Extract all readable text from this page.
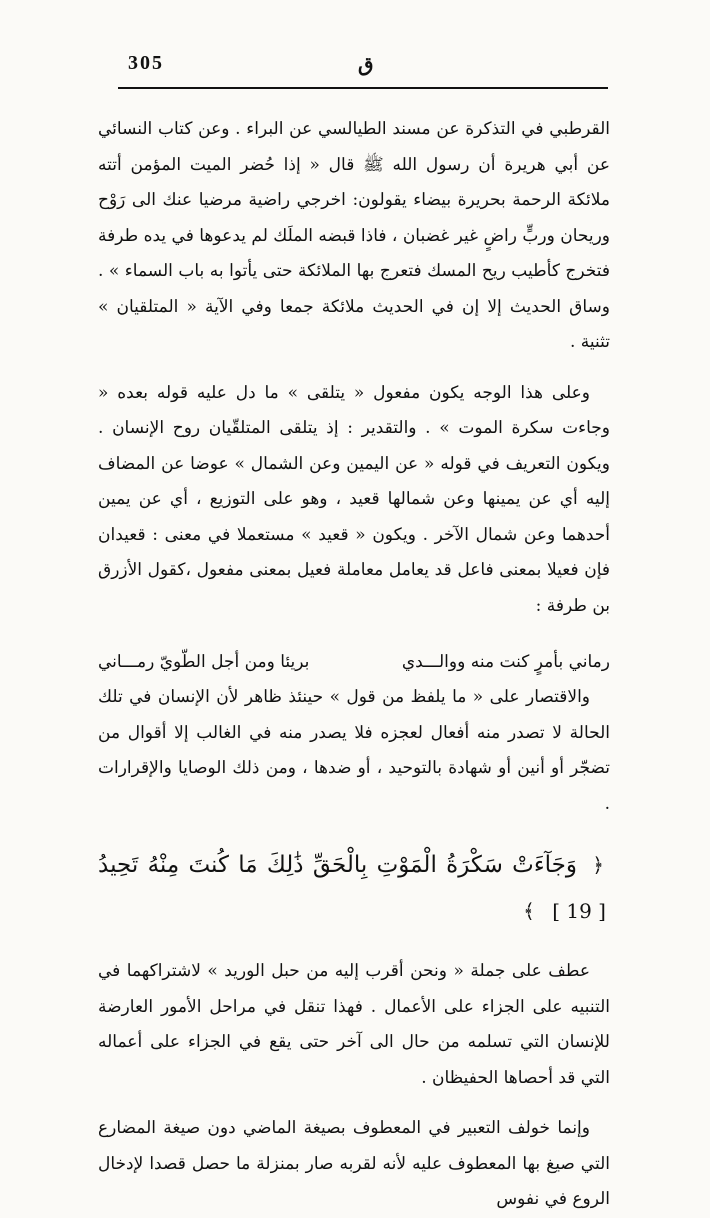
305	ق

القرطبي في التذكرة عن مسند الطيالسي عن البراء . وعن كتاب النسائي عن أبي هريرة أن رسول الله ﷺ قال « إذا حُضر الميت المؤمن أتته ملائكة الرحمة بحريرة بيضاء يقولون: اخرجي راضية مرضيا عنك الى رَوْح وريحان وربٍّ راضٍ غير غضبان ، فاذا قبضه الملَك لم يدعوها في يده طرفة فتخرج كأطيب ريح المسك فتعرج بها الملائكة حتى يأتوا به باب السماء » . وساق الحديث إلا إن في الحديث ملائكة جمعا وفي الآية « المتلقيان » تثنية .

وعلى هذا الوجه يكون مفعول « يتلقى » ما دل عليه قوله بعده « وجاءت سكرة الموت » . والتقدير : إذ يتلقى المتلقّيان روح الإنسان . ويكون التعريف في قوله « عن اليمين وعن الشمال » عوضا عن المضاف إليه أي عن يمينها وعن شمالها قعيد ، وهو على التوزيع ، أي عن يمين أحدهما وعن شمال الآخر . ويكون « قعيد » مستعملا في معنى : قعيدان فإن فعيلا بمعنى فاعل قد يعامل معاملة فعيل بمعنى مفعول ،كقول الأزرق بن طرفة :

رماني بأمرٍ كنت منه ووالـــدي
بريئا ومن أجل الطّويّ رمـــاني

والاقتصار على « ما يلفظ من قول » حينئذ ظاهر لأن الإنسان في تلك الحالة لا تصدر منه أفعال لعجزه فلا يصدر منه في الغالب إلا أقوال من تضجّر أو أنين أو شهادة بالتوحيد ، أو ضدها ، ومن ذلك الوصايا والإقرارات .

﴿ وَجَآءَتْ سَكْرَةُ الْمَوْتِ بِالْحَقِّ ذَٰلِكَ مَا كُنتَ مِنْهُ تَحِيدُ [ 19 ] ﴾

عطف على جملة « ونحن أقرب إليه من حبل الوريد » لاشتراكهما في التنبيه على الجزاء على الأعمال . فهذا تنقل في مراحل الأمور العارضة للإنسان التي تسلمه من حال الى آخر حتى يقع في الجزاء على أعماله التي قد أحصاها الحفيظان .

وإنما خولف التعبير في المعطوف بصيغة الماضي دون صيغة المضارع التي صيغ بها المعطوف عليه لأنه لقربه صار بمنزلة ما حصل قصدا لإدخال الروع في نفوس
